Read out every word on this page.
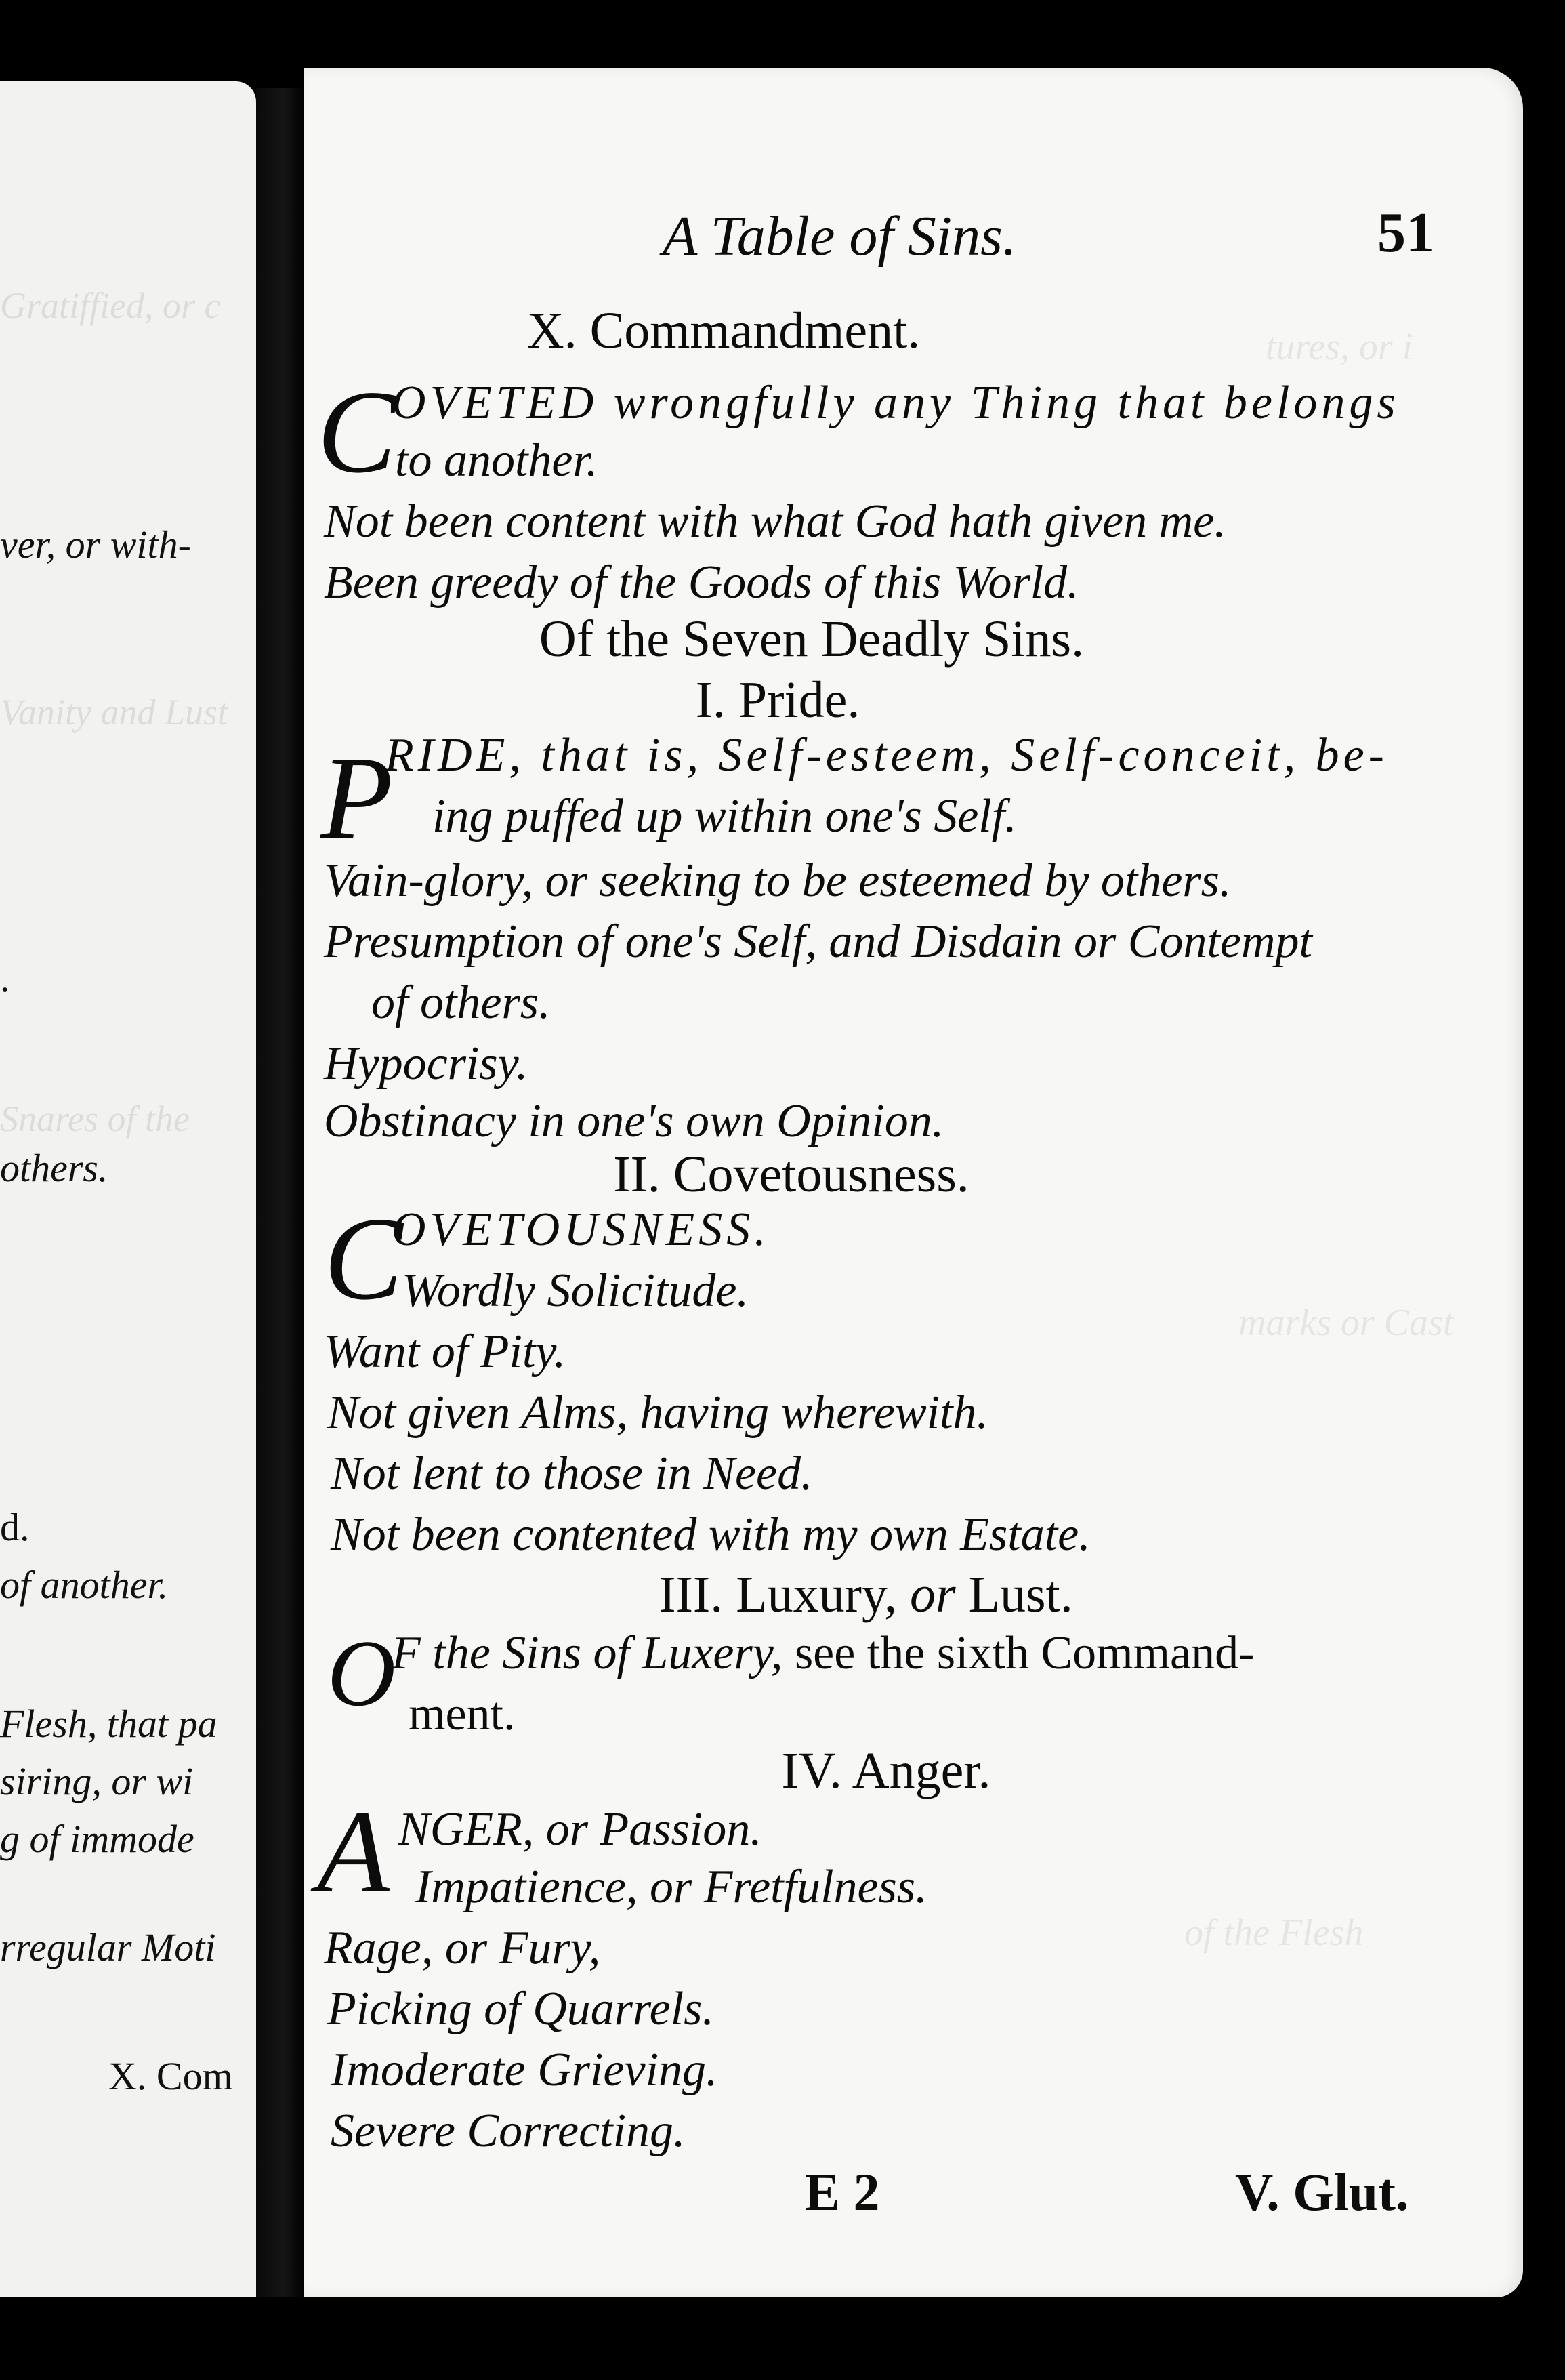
Gratiffied, or c
Vanity and Lust
Snares of the
ver, or with-
.
others.
d.
of another.
Flesh, that pa
siring, or wi
g of immode
rregular Moti
X. Com
tures, or i
marks or Cast
of the Flesh
A Table of Sins.	51
X. Commandment.
C
OVETED wrongfully any Thing that belongs
to another.
Not been content with what God hath given me.
Been greedy of the Goods of this World.
Of the Seven Deadly Sins.
I. Pride.
P
RIDE, that is, Self-esteem, Self-conceit, be-
ing puffed up within one's Self.
Vain-glory, or seeking to be esteemed by others.
Presumption of one's Self, and Disdain or Contempt
of others.
Hypocrisy.
Obstinacy in one's own Opinion.
II. Covetousness.
C
OVETOUSNESS.
Wordly Solicitude.
Want of Pity.
Not given Alms, having wherewith.
Not lent to those in Need.
Not been contented with my own Estate.
III. Luxury, or Lust.
O
F the Sins of Luxery, see the sixth Command-
ment.
IV. Anger.
A NGER, or Passion.
Impatience, or Fretfulness.
Rage, or Fury,
Picking of Quarrels.
Imoderate Grieving.
Severe Correcting.
E 2	V. Glut.
